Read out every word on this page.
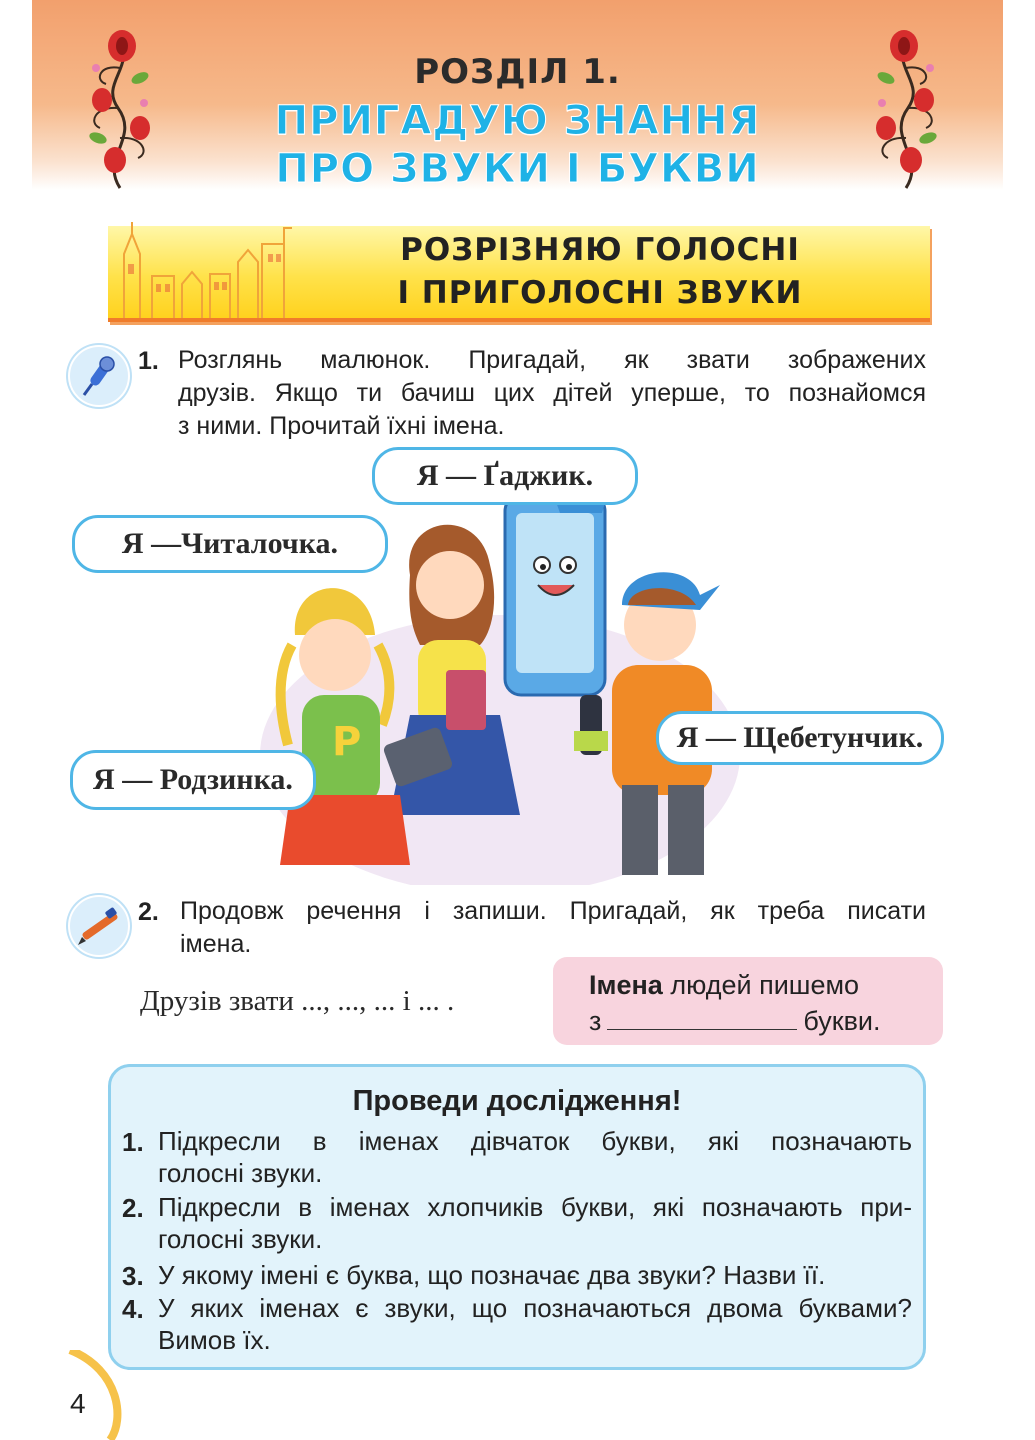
РОЗДІЛ 1.
ПРИГАДУЮ ЗНАННЯ
ПРО ЗВУКИ І БУКВИ
РОЗРІЗНЯЮ ГОЛОСНІ
І ПРИГОЛОСНІ ЗВУКИ
1. Розглянь малюнок. Пригадай, як звати зображених
друзів. Якщо ти бачиш цих дітей уперше, то познайомся
з ними. Прочитай їхні імена.
P
Я — Ґаджик.
Я —Читалочка.
Я — Щебетунчик.
Я — Родзинка.
2. Продовж речення і запиши. Пригадай, як треба писати
імена.
Друзів звати ..., ..., ... і ... .	Імена людей пишемо
з	букви.
Проведи дослідження!
1. Підкресли в іменах дівчаток букви, які позначають
голосні звуки.
2. Підкресли в іменах хлопчиків букви, які позначають при-
голосні звуки.
3. У якому імені є буква, що позначає два звуки? Назви її.
4. У яких іменах є звуки, що позначаються двома буквами?
Вимов їх.
4
